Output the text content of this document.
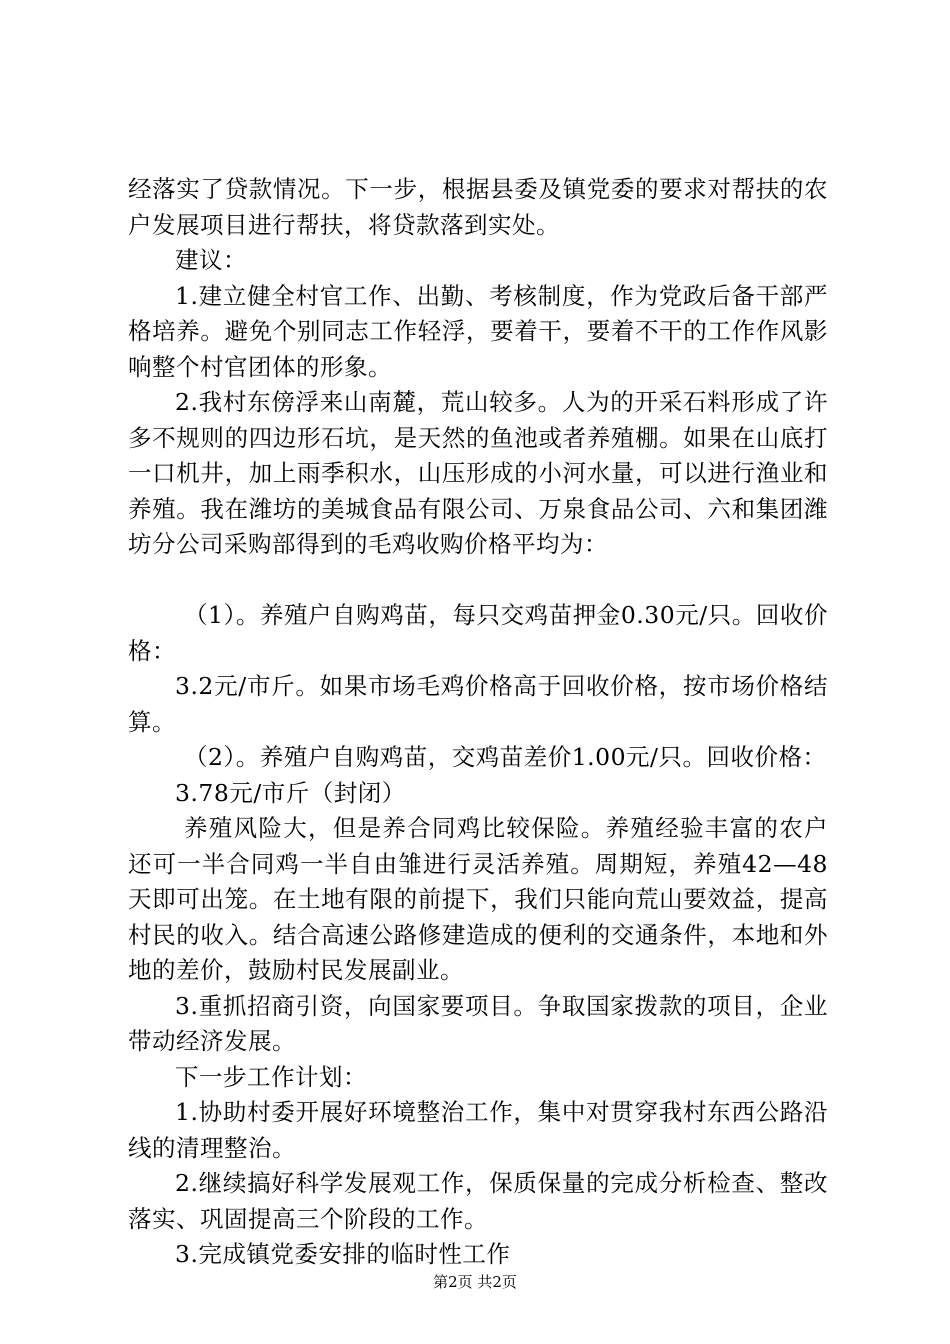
经落实了贷款情况。下一步，根据县委及镇党委的要求对帮扶的农户发展项目进行帮扶，将贷款落到实处。

建议：

1.建立健全村官工作、出勤、考核制度，作为党政后备干部严格培养。避免个别同志工作轻浮，要着干，要着不干的工作作风影响整个村官团体的形象。

2.我村东傍浮来山南麓，荒山较多。人为的开采石料形成了许多不规则的四边形石坑，是天然的鱼池或者养殖棚。如果在山底打一口机井，加上雨季积水，山压形成的小河水量，可以进行渔业和养殖。我在潍坊的美城食品有限公司、万泉食品公司、六和集团潍坊分公司采购部得到的毛鸡收购价格平均为：

（1）。养殖户自购鸡苗，每只交鸡苗押金0.30元/只。回收价格：

3.2元/市斤。如果市场毛鸡价格高于回收价格，按市场价格结算。

（2）。养殖户自购鸡苗，交鸡苗差价1.00元/只。回收价格：

3.78元/市斤（封闭）

养殖风险大，但是养合同鸡比较保险。养殖经验丰富的农户还可一半合同鸡一半自由雏进行灵活养殖。周期短，养殖42—48天即可出笼。在土地有限的前提下，我们只能向荒山要效益，提高村民的收入。结合高速公路修建造成的便利的交通条件，本地和外地的差价，鼓励村民发展副业。

3.重抓招商引资，向国家要项目。争取国家拨款的项目，企业带动经济发展。

下一步工作计划：

1.协助村委开展好环境整治工作，集中对贯穿我村东西公路沿线的清理整治。

2.继续搞好科学发展观工作，保质保量的完成分析检查、整改落实、巩固提高三个阶段的工作。

3.完成镇党委安排的临时性工作

第2页 共2页
